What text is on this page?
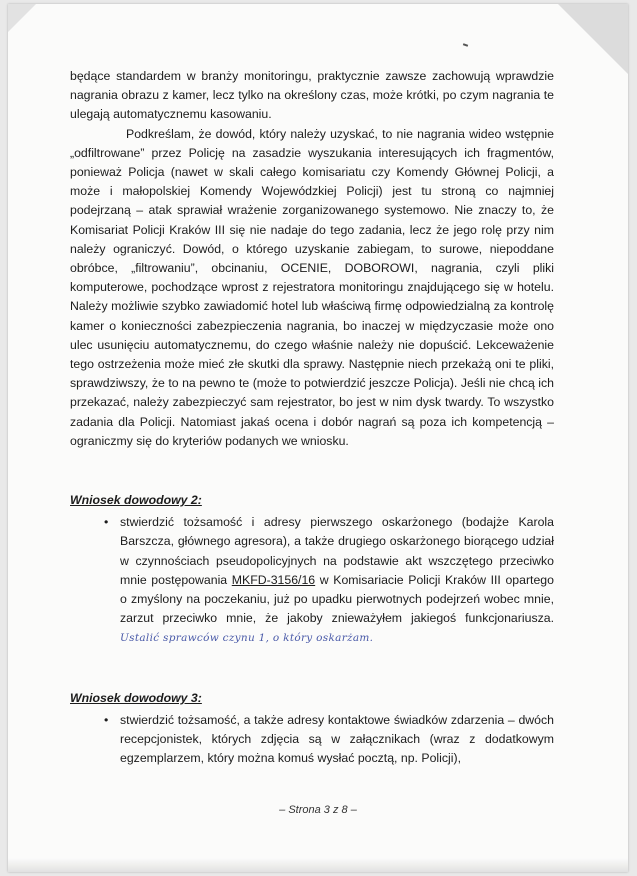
będące standardem w branży monitoringu, praktycznie zawsze zachowują wprawdzie nagrania obrazu z kamer, lecz tylko na określony czas, może krótki, po czym nagrania te ulegają automatycznemu kasowaniu.

Podkreślam, że dowód, który należy uzyskać, to nie nagrania wideo wstępnie „odfiltrowane” przez Policję na zasadzie wyszukania interesujących ich fragmentów, ponieważ Policja (nawet w skali całego komisariatu czy Komendy Głównej Policji, a może i małopolskiej Komendy Wojewódzkiej Policji) jest tu stroną co najmniej podejrzaną – atak sprawiał wrażenie zorganizowanego systemowo. Nie znaczy to, że Komisariat Policji Kraków III się nie nadaje do tego zadania, lecz że jego rolę przy nim należy ograniczyć. Dowód, o którego uzyskanie zabiegam, to surowe, niepoddane obróbce, „filtrowaniu”, obcinaniu, OCENIE, DOBOROWI, nagrania, czyli pliki komputerowe, pochodzące wprost z rejestratora monitoringu znajdującego się w hotelu. Należy możliwie szybko zawiadomić hotel lub właściwą firmę odpowiedzialną za kontrolę kamer o konieczności zabezpieczenia nagrania, bo inaczej w międzyczasie może ono ulec usunięciu automatycznemu, do czego właśnie należy nie dopuścić. Lekceważenie tego ostrzeżenia może mieć złe skutki dla sprawy. Następnie niech przekażą oni te pliki, sprawdziwszy, że to na pewno te (może to potwierdzić jeszcze Policja). Jeśli nie chcą ich przekazać, należy zabezpieczyć sam rejestrator, bo jest w nim dysk twardy. To wszystko zadania dla Policji. Natomiast jakaś ocena i dobór nagrań są poza ich kompetencją – ograniczmy się do kryteriów podanych we wniosku.

Wniosek dowodowy 2:
• stwierdzić tożsamość i adresy pierwszego oskarżonego (bodajże Karola Barszcza, głównego agresora), a także drugiego oskarżonego biorącego udział w czynnościach pseudopolicyjnych na podstawie akt wszczętego przeciwko mnie postępowania MKFD-3156/16 w Komisariacie Policji Kraków III opartego o zmyślony na poczekaniu, już po upadku pierwotnych podejrzeń wobec mnie, zarzut przeciwko mnie, że jakoby znieważyłem jakiegoś funkcjonariusza. Ustalić sprawców czynu 1, o który oskarżam.
Wniosek dowodowy 3:
• stwierdzić tożsamość, a także adresy kontaktowe świadków zdarzenia – dwóch recepcjonistek, których zdjęcia są w załącznikach (wraz z dodatkowym egzemplarzem, który można komuś wysłać pocztą, np. Policji),
– Strona 3 z 8 –
